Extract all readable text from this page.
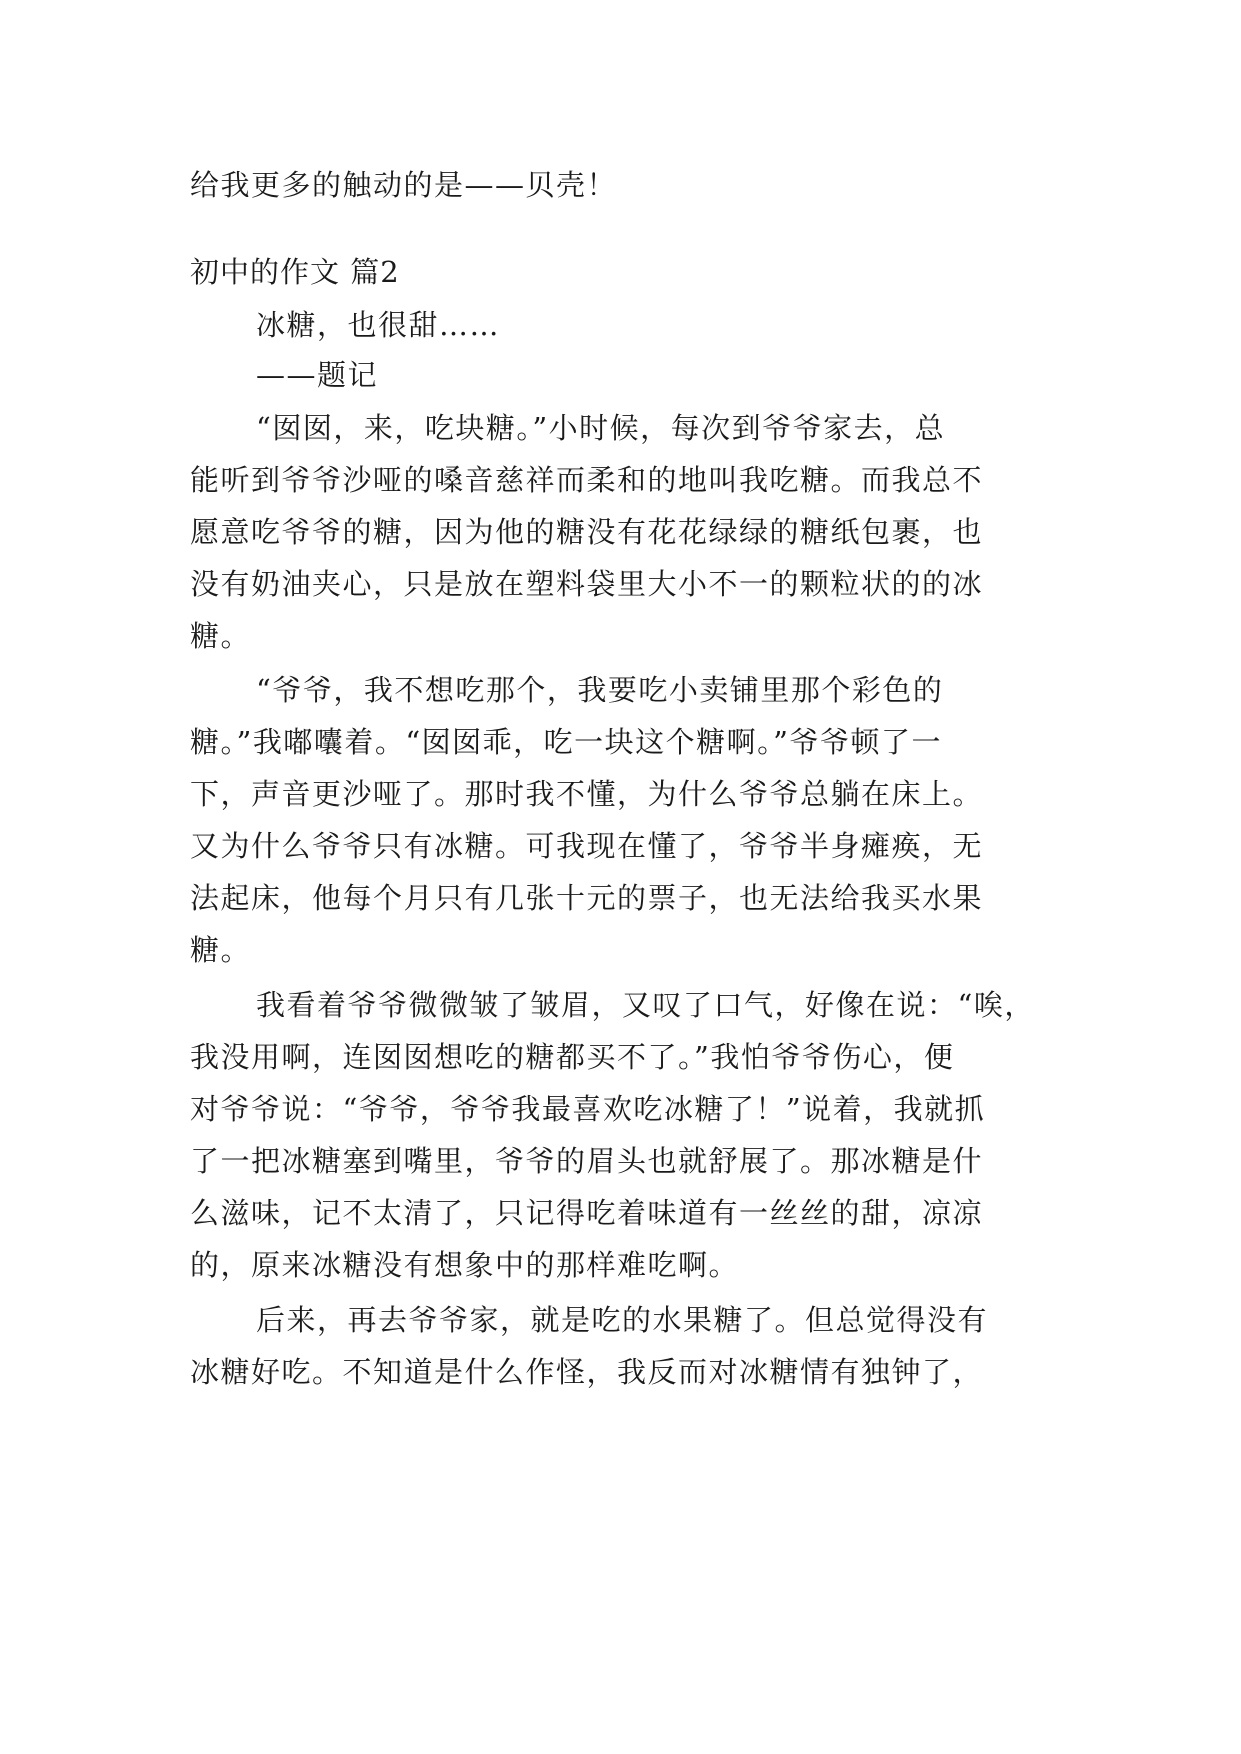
给我更多的触动的是——贝壳！
初中的作文 篇2
冰糖，也很甜……
——题记
“囡囡，来，吃块糖。”小时候，每次到爷爷家去，总
能听到爷爷沙哑的嗓音慈祥而柔和的地叫我吃糖。而我总不
愿意吃爷爷的糖，因为他的糖没有花花绿绿的糖纸包裹，也
没有奶油夹心，只是放在塑料袋里大小不一的颗粒状的的冰
糖。
“爷爷，我不想吃那个，我要吃小卖铺里那个彩色的
糖。”我嘟囔着。“囡囡乖，吃一块这个糖啊。”爷爷顿了一
下，声音更沙哑了。那时我不懂，为什么爷爷总躺在床上。
又为什么爷爷只有冰糖。可我现在懂了，爷爷半身瘫痪，无
法起床，他每个月只有几张十元的票子，也无法给我买水果
糖。
我看着爷爷微微皱了皱眉，又叹了口气，好像在说：“唉，
我没用啊，连囡囡想吃的糖都买不了。”我怕爷爷伤心，便
对爷爷说：“爷爷，爷爷我最喜欢吃冰糖了！”说着，我就抓
了一把冰糖塞到嘴里，爷爷的眉头也就舒展了。那冰糖是什
么滋味，记不太清了，只记得吃着味道有一丝丝的甜，凉凉
的，原来冰糖没有想象中的那样难吃啊。
后来，再去爷爷家，就是吃的水果糖了。但总觉得没有
冰糖好吃。不知道是什么作怪，我反而对冰糖情有独钟了，
